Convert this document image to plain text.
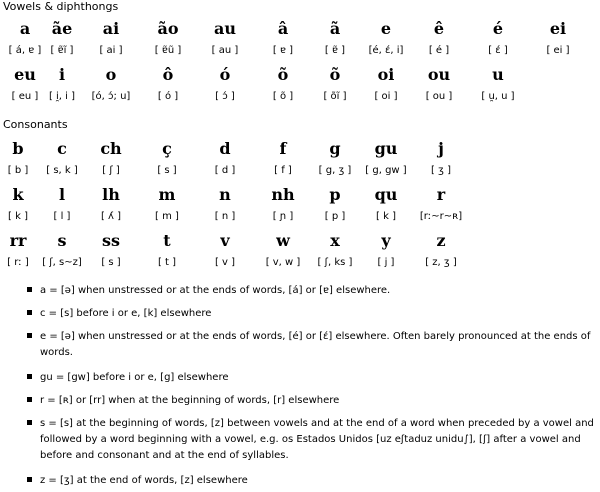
Vowels & diphthongs
a
[ á, ɐ ]
ãe
[ ɐ̃ĩ ]
ai
[ ai ]
ão
[ ɐ̃ũ ]
au
[ au ]
â
[ ɐ ]
ã
[ ɐ̃ ]
e
[é, ɛ́, i]
ê
[ é ]
é
[ ɛ́ ]
ei
[ ei ]
eu
[ eu ]
i
[ i̯, i ]
o
[ó, ɔ́; u]
ô
[ ó ]
ó
[ ɔ́ ]
õ
[ õ ]
õ
[ õĩ ]
oi
[ oi ]
ou
[ ou ]
u
[ u̯, u ]
Consonants
b
[ b ]
c
[ s, k ]
ch
[ ʃ ]
ç
[ s ]
d
[ d ]
f
[ f ]
g
[ g, ʒ ]
gu
[ g, gw ]
j
[ ʒ ]
k
[ k ]
l
[ l ]
lh
[ ʎ ]
m
[ m ]
n
[ n ]
nh
[ ɲ ]
p
[ p ]
qu
[ k ]
r
[rː~r~ʀ]
rr
[ rː ]
s
[ ʃ, s~z]
ss
[ s ]
t
[ t ]
v
[ v ]
w
[ v, w ]
x
[ ʃ, ks ]
y
[ j ]
z
[ z, ʒ ]
a = [ə] when unstressed or at the ends of words, [á] or [ɐ] elsewhere.
c = [s] before i or e, [k] elsewhere
e = [ə] when unstressed or at the ends of words, [é] or [ɛ́] elsewhere. Often barely pronounced at the ends of words.
gu = [gw] before i or e, [g] elsewhere
r = [ʀ] or [rr] when at the beginning of words, [r] elsewhere
s = [s] at the beginning of words, [z] between vowels and at the end of a word when preceded by a vowel and followed by a word beginning with a vowel, e.g. os Estados Unidos [uz eʃtaduz unidu∫], [ʃ] after a vowel and before and consonant and at the end of syllables.
z = [ʒ] at the end of words, [z] elsewhere
